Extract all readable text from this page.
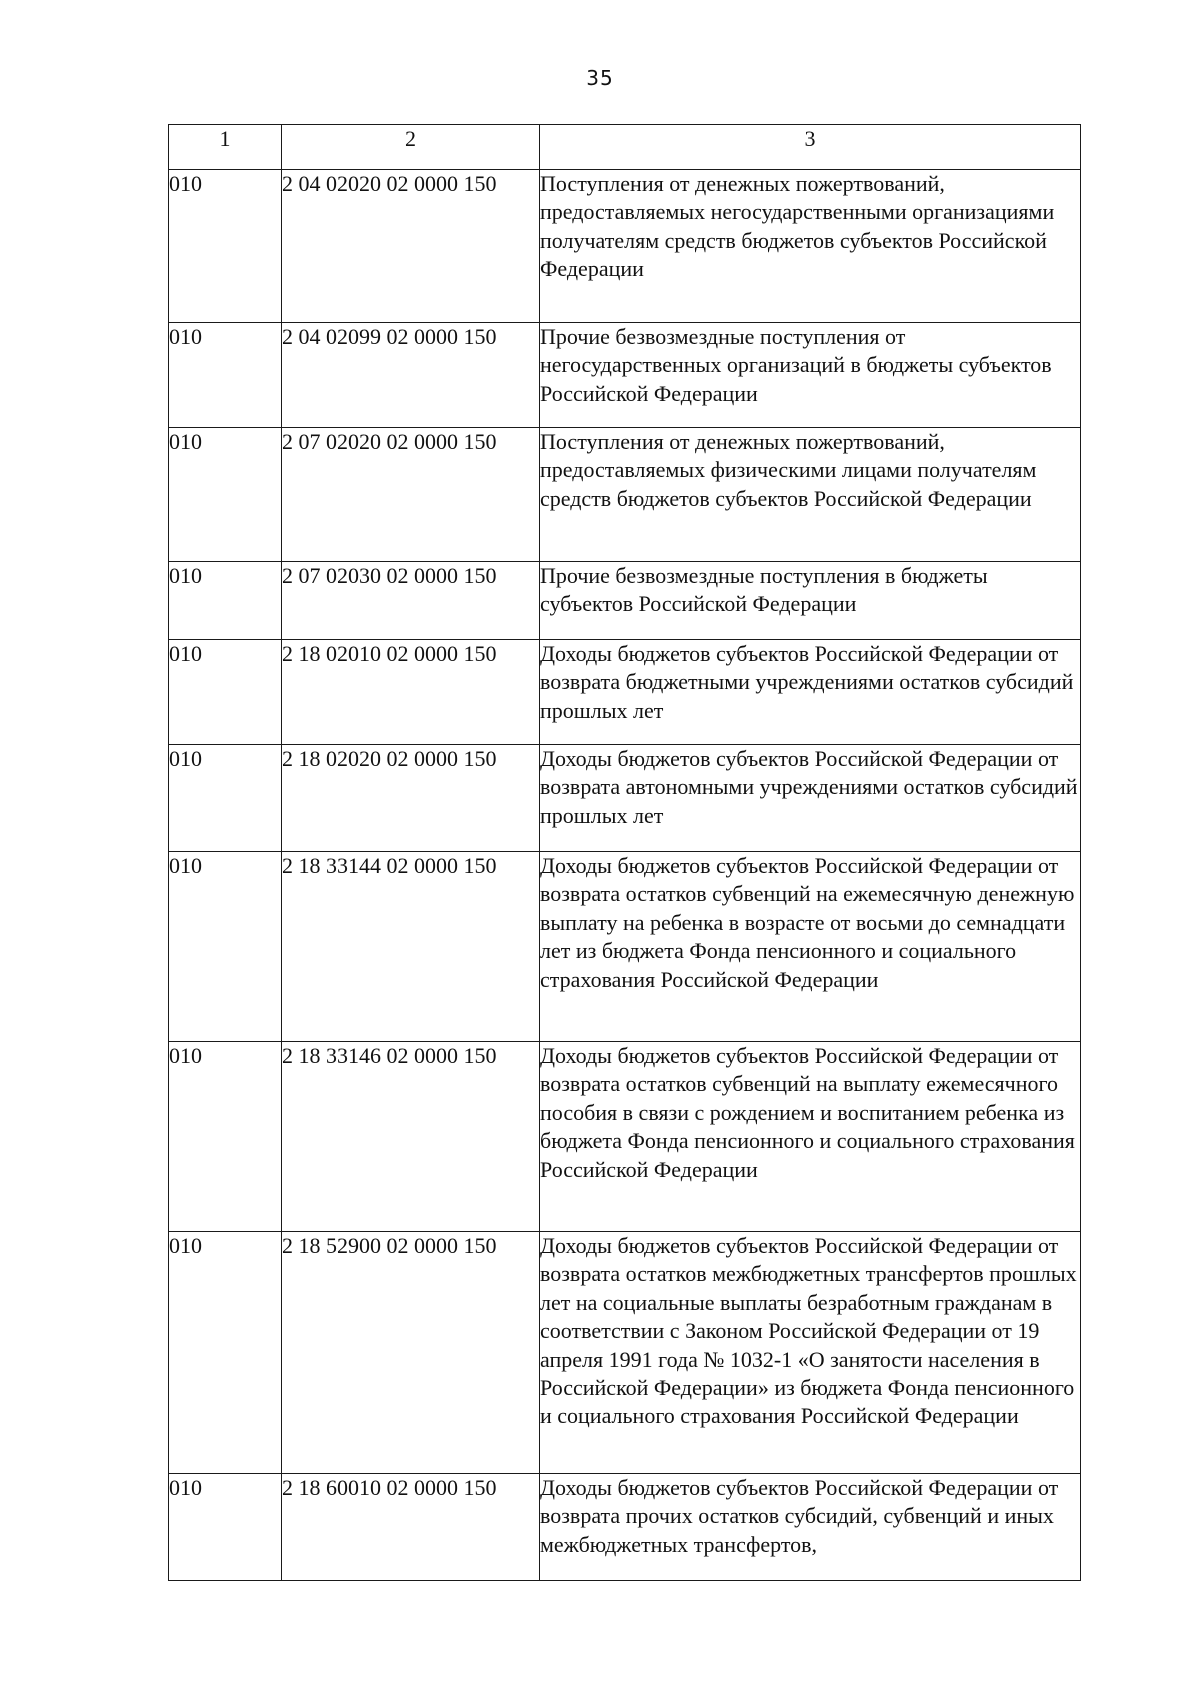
35
1	2	3
010	2 04 02020 02 0000 150	Поступления от денежных пожертвований, предоставляемых негосударственными организациями получателям средств бюджетов субъектов Российской Федерации
010	2 04 02099 02 0000 150	Прочие безвозмездные поступления от негосударственных организаций в бюджеты субъектов Российской Федерации
010	2 07 02020 02 0000 150	Поступления от денежных пожертвований, предоставляемых физическими лицами получателям средств бюджетов субъектов Российской Федерации
010	2 07 02030 02 0000 150	Прочие безвозмездные поступления в бюджеты субъектов Российской Федерации
010	2 18 02010 02 0000 150	Доходы бюджетов субъектов Российской Федерации от возврата бюджетными учреждениями остатков субсидий прошлых лет
010	2 18 02020 02 0000 150	Доходы бюджетов субъектов Российской Федерации от возврата автономными учреждениями остатков субсидий прошлых лет
010	2 18 33144 02 0000 150	Доходы бюджетов субъектов Российской Федерации от возврата остатков субвенций на ежемесячную денежную выплату на ребенка в возрасте от восьми до семнадцати лет из бюджета Фонда пенсионного и социального страхования Российской Федерации
010	2 18 33146 02 0000 150	Доходы бюджетов субъектов Российской Федерации от возврата остатков субвенций на выплату ежемесячного пособия в связи с рождением и воспитанием ребенка из бюджета Фонда пенсионного и социального страхования Российской Федерации
010	2 18 52900 02 0000 150	Доходы бюджетов субъектов Российской Федерации от возврата остатков межбюджетных трансфертов прошлых лет на социальные выплаты безработным гражданам в соответствии с Законом Российской Федерации от 19 апреля 1991 года № 1032-1 «О занятости населения в Российской Федерации» из бюджета Фонда пенсионного и социального страхования Российской Федерации
010	2 18 60010 02 0000 150	Доходы бюджетов субъектов Российской Федерации от возврата прочих остатков субсидий, субвенций и иных межбюджетных трансфертов,
